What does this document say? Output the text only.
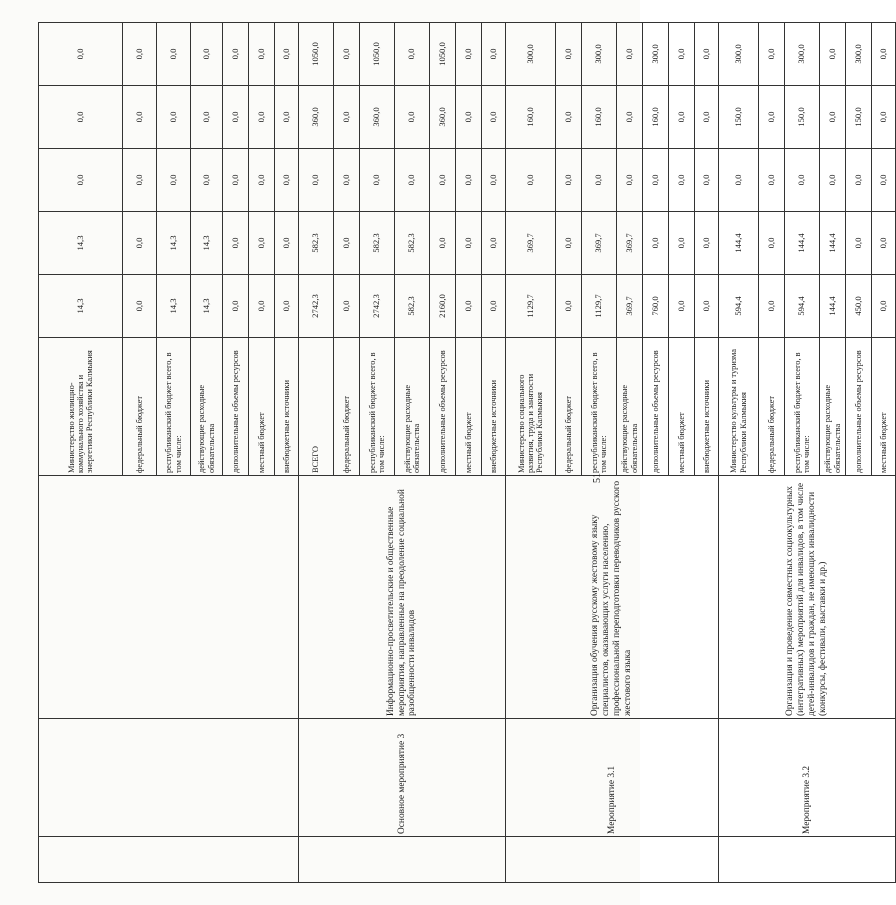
			Министерство жилищно-коммунального хозяйства и энергетики Республики Калмыкия	14,3	14,3	0,0	0,0	0,0		
			федеральный бюджет	0,0	0,0	0,0	0,0	0,0		
			республиканский бюджет всего, в том числе:	14,3	14,3	0,0	0,0	0,0		
			действующие расходные обязательства	14,3	14,3	0,0	0,0	0,0		
			дополнительные объемы ресурсов	0,0	0,0	0,0	0,0	0,0		
			местный бюджет	0,0	0,0	0,0	0,0	0,0		
			внебюджетные источники	0,0	0,0	0,0	0,0	0,0		
	Основное мероприятие 3	Информационно-просветительские и общественные мероприятия, направленные на преодоление социальной разобщенности инвалидов	ВСЕГО	2742,3	582,3	0,0	360,0	1050,0		
			федеральный бюджет	0,0	0,0	0,0	0,0	0,0		
			республиканский бюджет всего, в том числе:	2742,3	582,3	0,0	360,0	1050,0		
			действующие расходные обязательства	582,3	582,3	0,0	0,0	0,0		
			дополнительные объемы ресурсов	2160,0	0,0	0,0	360,0	1050,0		
			местный бюджет	0,0	0,0	0,0	0,0	0,0		
			внебюджетные источники	0,0	0,0	0,0	0,0	0,0		
	Мероприятие 3.1	Организация обучения русскому жестовому языку специалистов, оказывающих услуги населению, профессиональной переподготовки переводчиков русского жестового языка	Министерство социального развития, труда и занятости Республики Калмыкия	1129,7	369,7	0,0	160,0	300,0		
			федеральный бюджет	0,0	0,0	0,0	0,0	0,0		
			республиканский бюджет всего, в том числе:	1129,7	369,7	0,0	160,0	300,0		
			действующие расходные обязательства	369,7	369,7	0,0	0,0	0,0		
			дополнительные объемы ресурсов	760,0	0,0	0,0	160,0	300,0		
			местный бюджет	0,0	0,0	0,0	0,0	0,0		
			внебюджетные источники	0,0	0,0	0,0	0,0	0,0		
	Мероприятие 3.2	Организация и проведение совместных социокультурных (интегративных) мероприятий для инвалидов, в том числе детей-инвалидов и граждан, не имеющих инвалидности (конкурсы, фестивали, выставки и др.)	Министерство культуры и туризма Республики Калмыкия	594,4	144,4	0,0	150,0	300,0		
			федеральный бюджет	0,0	0,0	0,0	0,0	0,0		
			республиканский бюджет всего, в том числе:	594,4	144,4	0,0	150,0	300,0		
			действующие расходные обязательства	144,4	144,4	0,0	0,0	0,0		
			дополнительные объемы ресурсов	450,0	0,0	0,0	150,0	300,0		
			местный бюджет	0,0	0,0	0,0	0,0	0,0		
51
